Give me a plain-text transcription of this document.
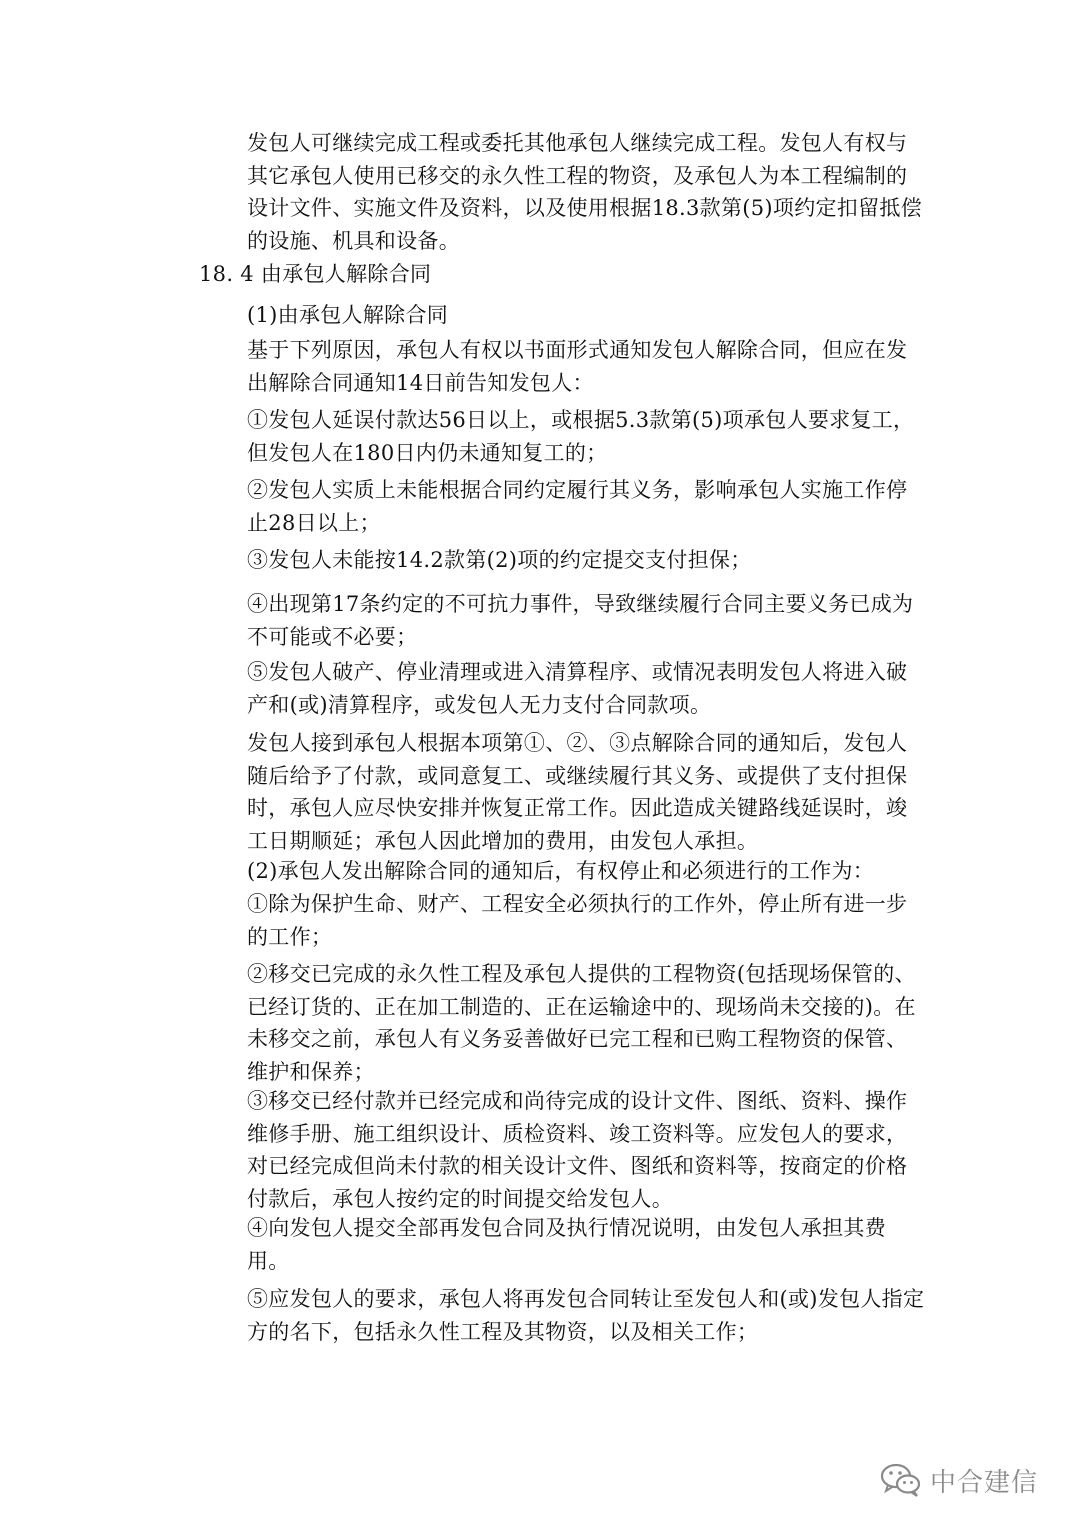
发包人可继续完成工程或委托其他承包人继续完成工程。发包人有权与其它承包人使用已移交的永久性工程的物资，及承包人为本工程编制的设计文件、实施文件及资料，以及使用根据18.3款第(5)项约定扣留抵偿的设施、机具和设备。

18. 4 由承包人解除合同

(1)由承包人解除合同

基于下列原因，承包人有权以书面形式通知发包人解除合同，但应在发出解除合同通知14日前告知发包人：

①发包人延误付款达56日以上，或根据5.3款第(5)项承包人要求复工，但发包人在180日内仍未通知复工的；

②发包人实质上未能根据合同约定履行其义务，影响承包人实施工作停止28日以上；

③发包人未能按14.2款第(2)项的约定提交支付担保；

④出现第17条约定的不可抗力事件，导致继续履行合同主要义务已成为不可能或不必要；

⑤发包人破产、停业清理或进入清算程序、或情况表明发包人将进入破产和(或)清算程序，或发包人无力支付合同款项。

发包人接到承包人根据本项第①、②、③点解除合同的通知后，发包人随后给予了付款，或同意复工、或继续履行其义务、或提供了支付担保时，承包人应尽快安排并恢复正常工作。因此造成关键路线延误时，竣工日期顺延；承包人因此增加的费用，由发包人承担。

(2)承包人发出解除合同的通知后，有权停止和必须进行的工作为：

①除为保护生命、财产、工程安全必须执行的工作外，停止所有进一步的工作；

②移交已完成的永久性工程及承包人提供的工程物资(包括现场保管的、已经订货的、正在加工制造的、正在运输途中的、现场尚未交接的)。在未移交之前，承包人有义务妥善做好已完工程和已购工程物资的保管、维护和保养；

③移交已经付款并已经完成和尚待完成的设计文件、图纸、资料、操作维修手册、施工组织设计、质检资料、竣工资料等。应发包人的要求，对已经完成但尚未付款的相关设计文件、图纸和资料等，按商定的价格付款后，承包人按约定的时间提交给发包人。

④向发包人提交全部再发包合同及执行情况说明，由发包人承担其费用。

⑤应发包人的要求，承包人将再发包合同转让至发包人和(或)发包人指定方的名下，包括永久性工程及其物资，以及相关工作；

中合建信
